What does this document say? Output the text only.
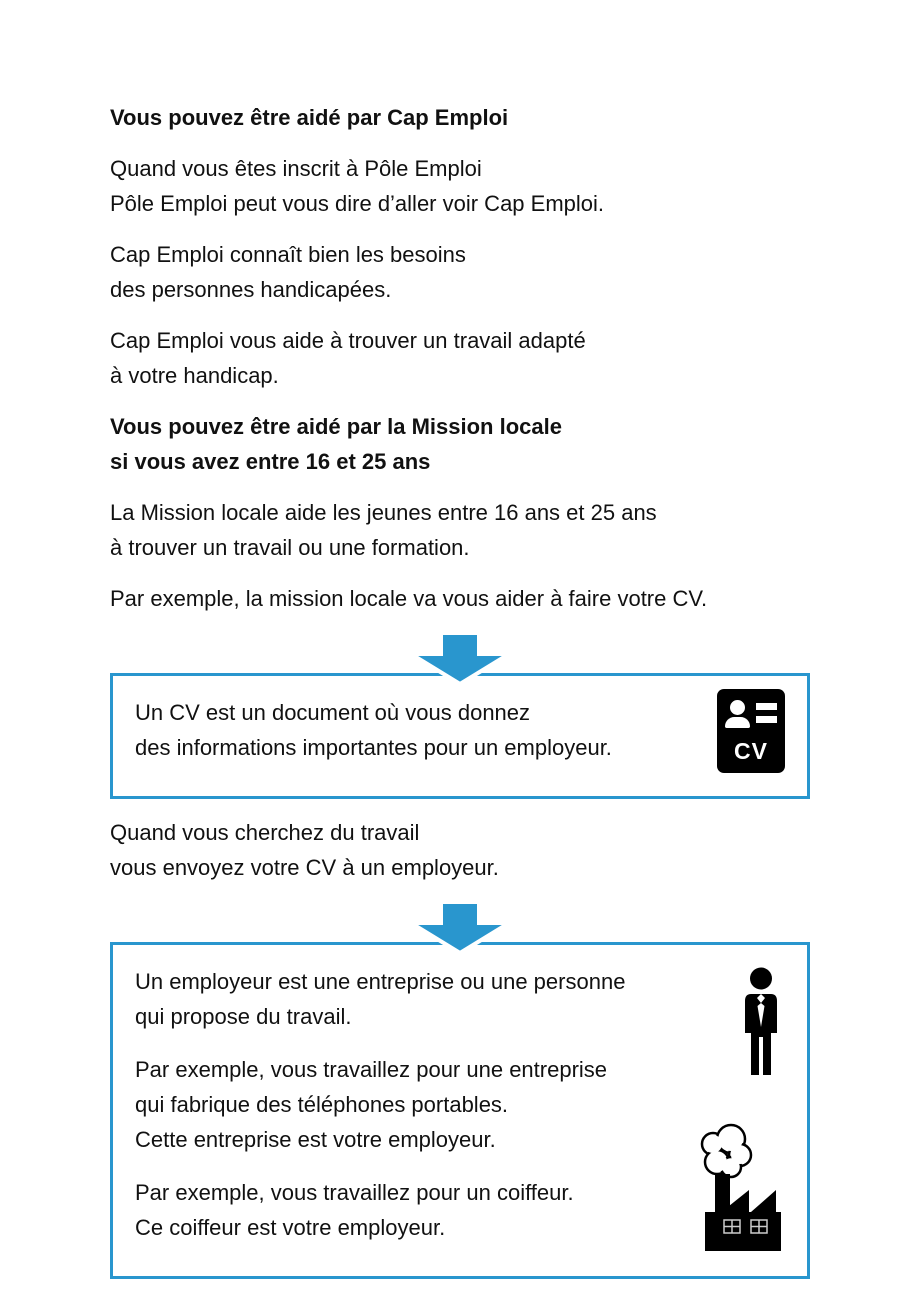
Vous pouvez être aidé par Cap Emploi

Quand vous êtes inscrit à Pôle Emploi
Pôle Emploi peut vous dire d’aller voir Cap Emploi.

Cap Emploi connaît bien les besoins
des personnes handicapées.

Cap Emploi vous aide à trouver un travail adapté
à votre handicap.

Vous pouvez être aidé par la Mission locale
si vous avez entre 16 et 25 ans

La Mission locale aide les jeunes entre 16 ans et 25 ans
à trouver un travail ou une formation.

Par exemple, la mission locale va vous aider à faire votre CV.

Un CV est un document où vous donnez
des informations importantes pour un employeur.	CV

Quand vous cherchez du travail
vous envoyez votre CV à un employeur.

Un employeur est une entreprise ou une personne
qui propose du travail.

Par exemple, vous travaillez pour une entreprise
qui fabrique des téléphones portables.
Cette entreprise est votre employeur.

Par exemple, vous travaillez pour un coiffeur.
Ce coiffeur est votre employeur.
